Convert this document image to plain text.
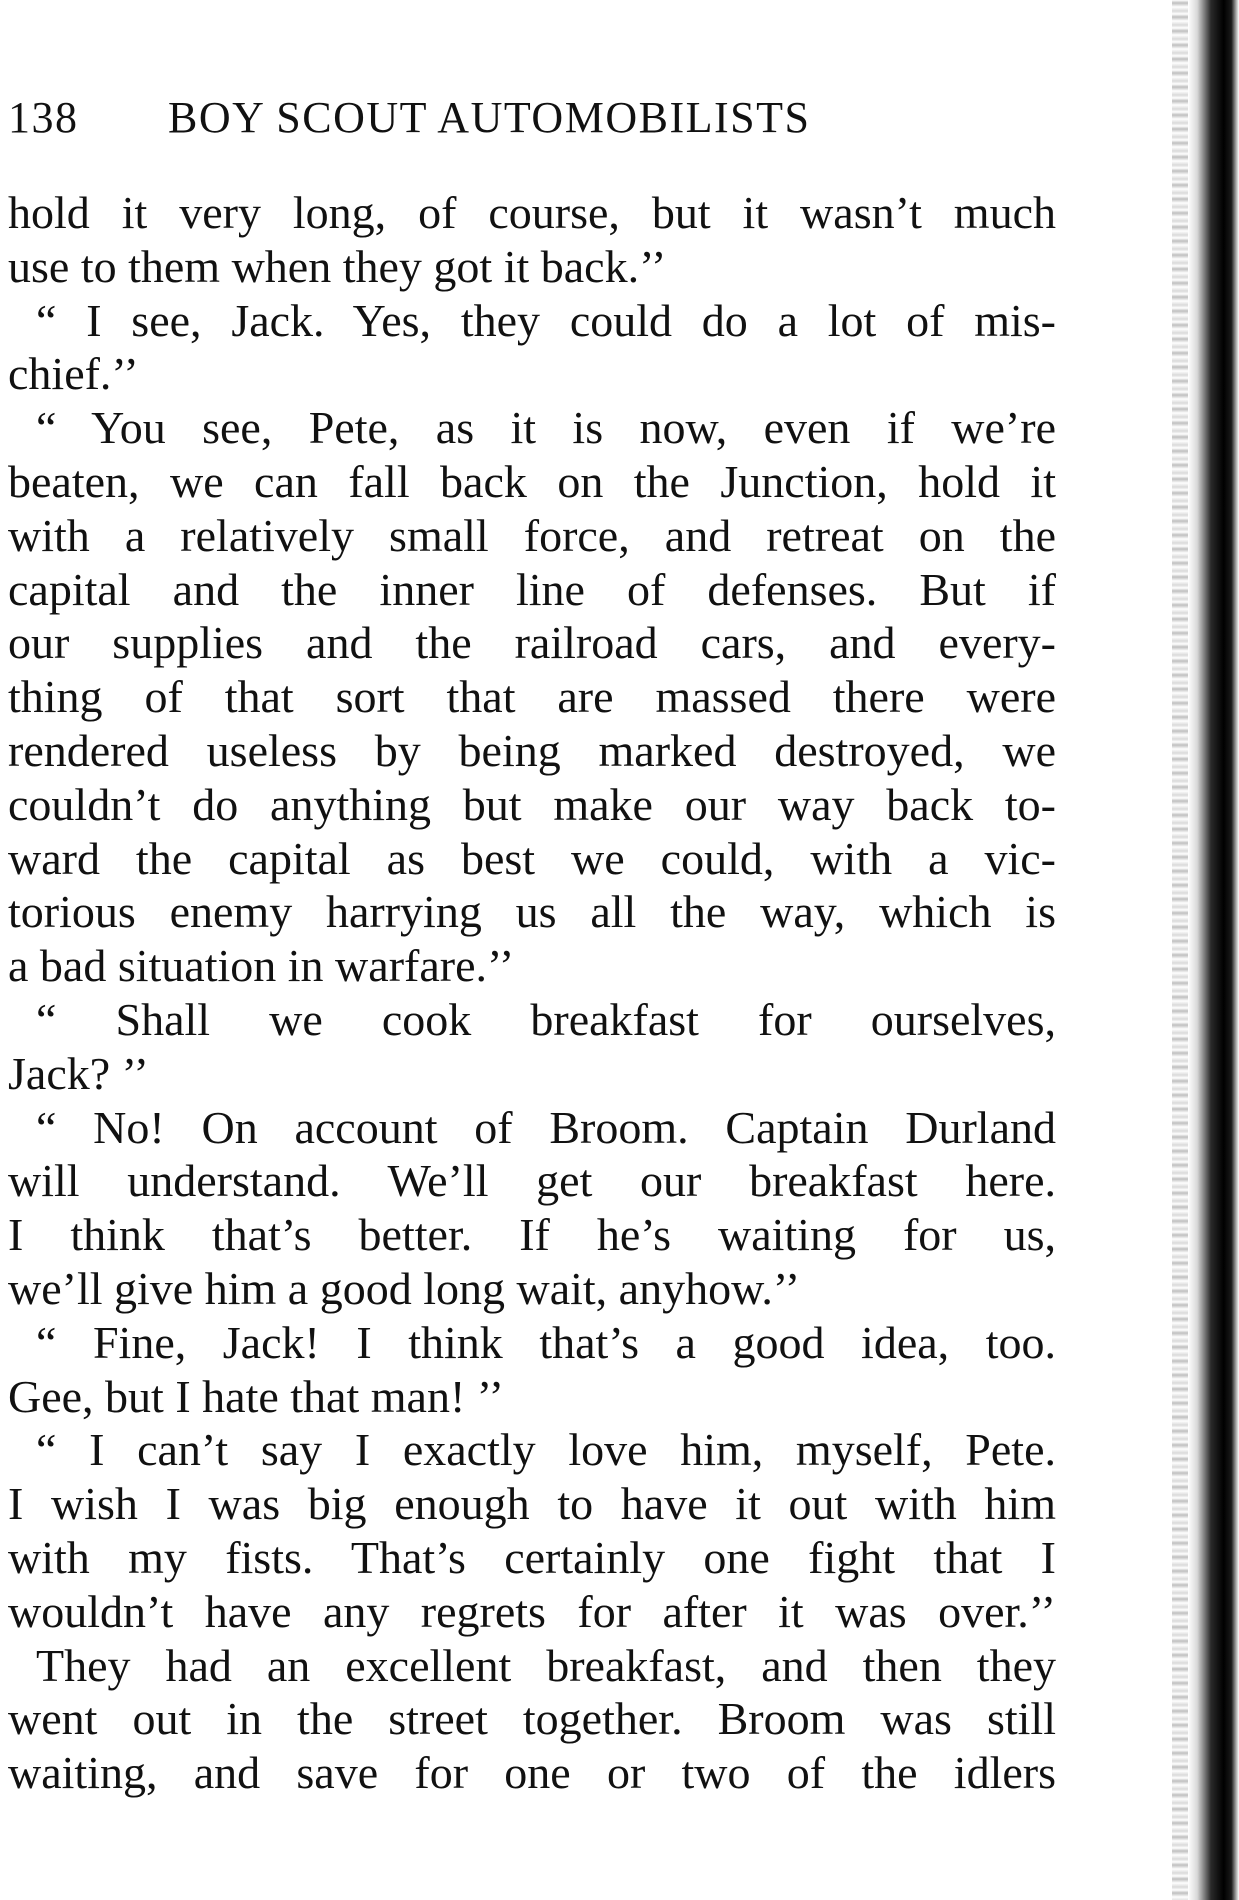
138 BOY SCOUT AUTOMOBILISTS
hold it very long, of course, but it wasn’t much
use to them when they got it back.’’
“ I see, Jack. Yes, they could do a lot of mis-
chief.’’
“ You see, Pete, as it is now, even if we’re
beaten, we can fall back on the Junction, hold it
with a relatively small force, and retreat on the
capital and the inner line of defenses. But if
our supplies and the railroad cars, and every-
thing of that sort that are massed there were
rendered useless by being marked destroyed, we
couldn’t do anything but make our way back to-
ward the capital as best we could, with a vic-
torious enemy harrying us all the way, which is
a bad situation in warfare.’’
“ Shall we cook breakfast for ourselves,
Jack? ’’
“ No! On account of Broom. Captain Durland
will understand. We’ll get our breakfast here.
I think that’s better. If he’s waiting for us,
we’ll give him a good long wait, anyhow.’’
“ Fine, Jack! I think that’s a good idea, too.
Gee, but I hate that man! ’’
“ I can’t say I exactly love him, myself, Pete.
I wish I was big enough to have it out with him
with my fists. That’s certainly one fight that I
wouldn’t have any regrets for after it was over.’’
They had an excellent breakfast, and then they
went out in the street together. Broom was still
waiting, and save for one or two of the idlers
